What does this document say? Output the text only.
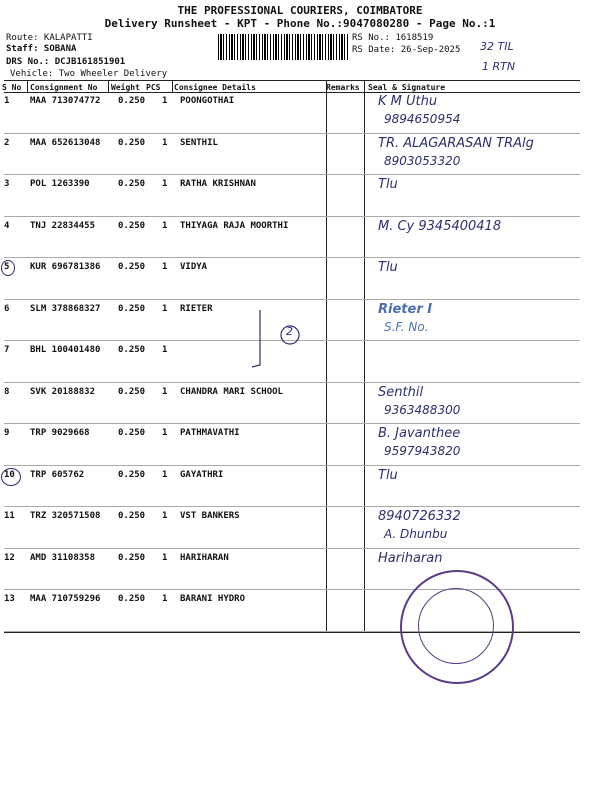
THE PROFESSIONAL COURIERS, COIMBATORE
Delivery Runsheet - KPT - Phone No.:9047080280 - Page No.:1
Route: KALAPATTI
Staff: SOBANA
DRS No.: DCJB161851901
Vehicle: Two Wheeler Delivery
RS No.: 1618519
RS Date: 26-Sep-2025 32 TIL
1 RTN
S No Consignment No Weight PCS Consignee Details	Remarks Seal & Signature
1 MAA 713074772 0.250 1 POONGOTHAI	K M Uthu
9894650954
2 MAA 652613048 0.250 1 SENTHIL	TR. ALAGARASAN TRAlg
8903053320
3 POL 1263390	0.250 1 RATHA KRISHNAN	Tlu
4 TNJ 22834455	0.250 1 THIYAGA RAJA MOORTHI	M. Cy 9345400418
5 KUR 696781386 0.250 1 VIDYA	Tlu
6 SLM 378868327 0.250 1 RIETER	Rieter I
S.F. No.
7 BHL 100401480 0.250 1
8 SVK 20188832	0.250 1 CHANDRA MARI SCHOOL	Senthil
9363488300
9 TRP 9029668	0.250 1 PATHMAVATHI	B. Javanthee
9597943820
10 TRP 605762	0.250 1 GAYATHRI	Tlu
11 TRZ 320571508 0.250 1 VST BANKERS	8940726332
A. Dhunbu
12 AMD 31108358	0.250 1 HARIHARAN	Hariharan
13 MAA 710759296 0.250 1 BARANI HYDRO
2
